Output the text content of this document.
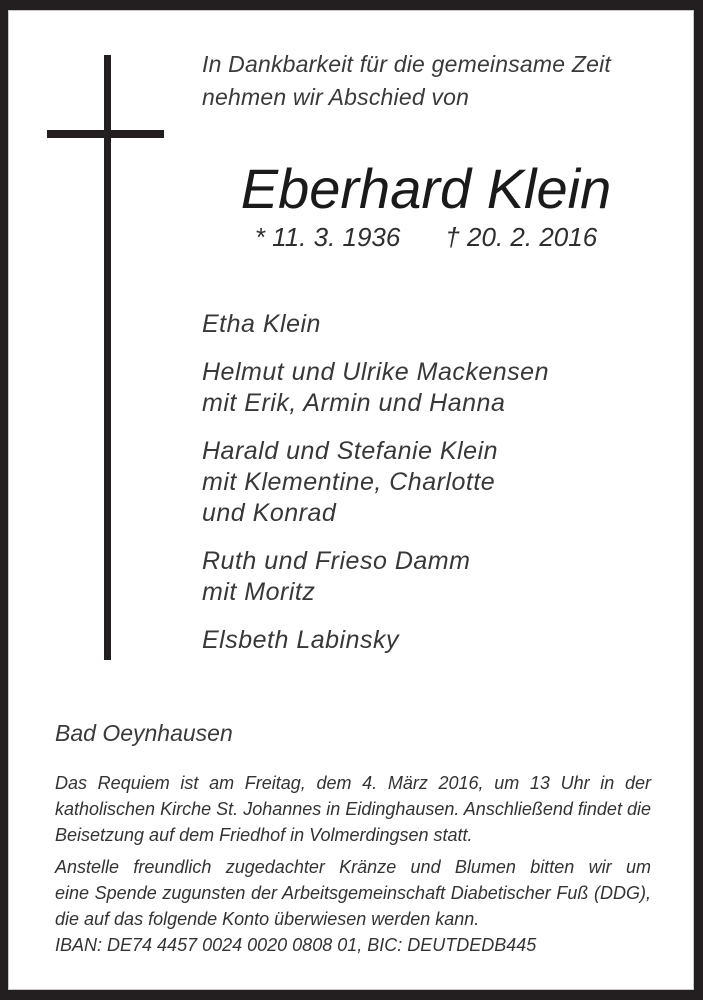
In Dankbarkeit für die gemeinsame Zeit
nehmen wir Abschied von
Eberhard Klein
* 11. 3. 1936 † 20. 2. 2016
Etha Klein
Helmut und Ulrike Mackensen
mit Erik, Armin und Hanna
Harald und Stefanie Klein
mit Klementine, Charlotte
und Konrad
Ruth und Frieso Damm
mit Moritz
Elsbeth Labinsky
Bad Oeynhausen
Das Requiem ist am Freitag, dem 4. März 2016, um 13 Uhr in der
katholischen Kirche St. Johannes in Eidinghausen. Anschließend findet die
Beisetzung auf dem Friedhof in Volmerdingsen statt.
Anstelle freundlich zugedachter Kränze und Blumen bitten wir um
eine Spende zugunsten der Arbeitsgemeinschaft Diabetischer Fuß (DDG),
die auf das folgende Konto überwiesen werden kann.
IBAN: DE74 4457 0024 0020 0808 01, BIC: DEUTDEDB445
